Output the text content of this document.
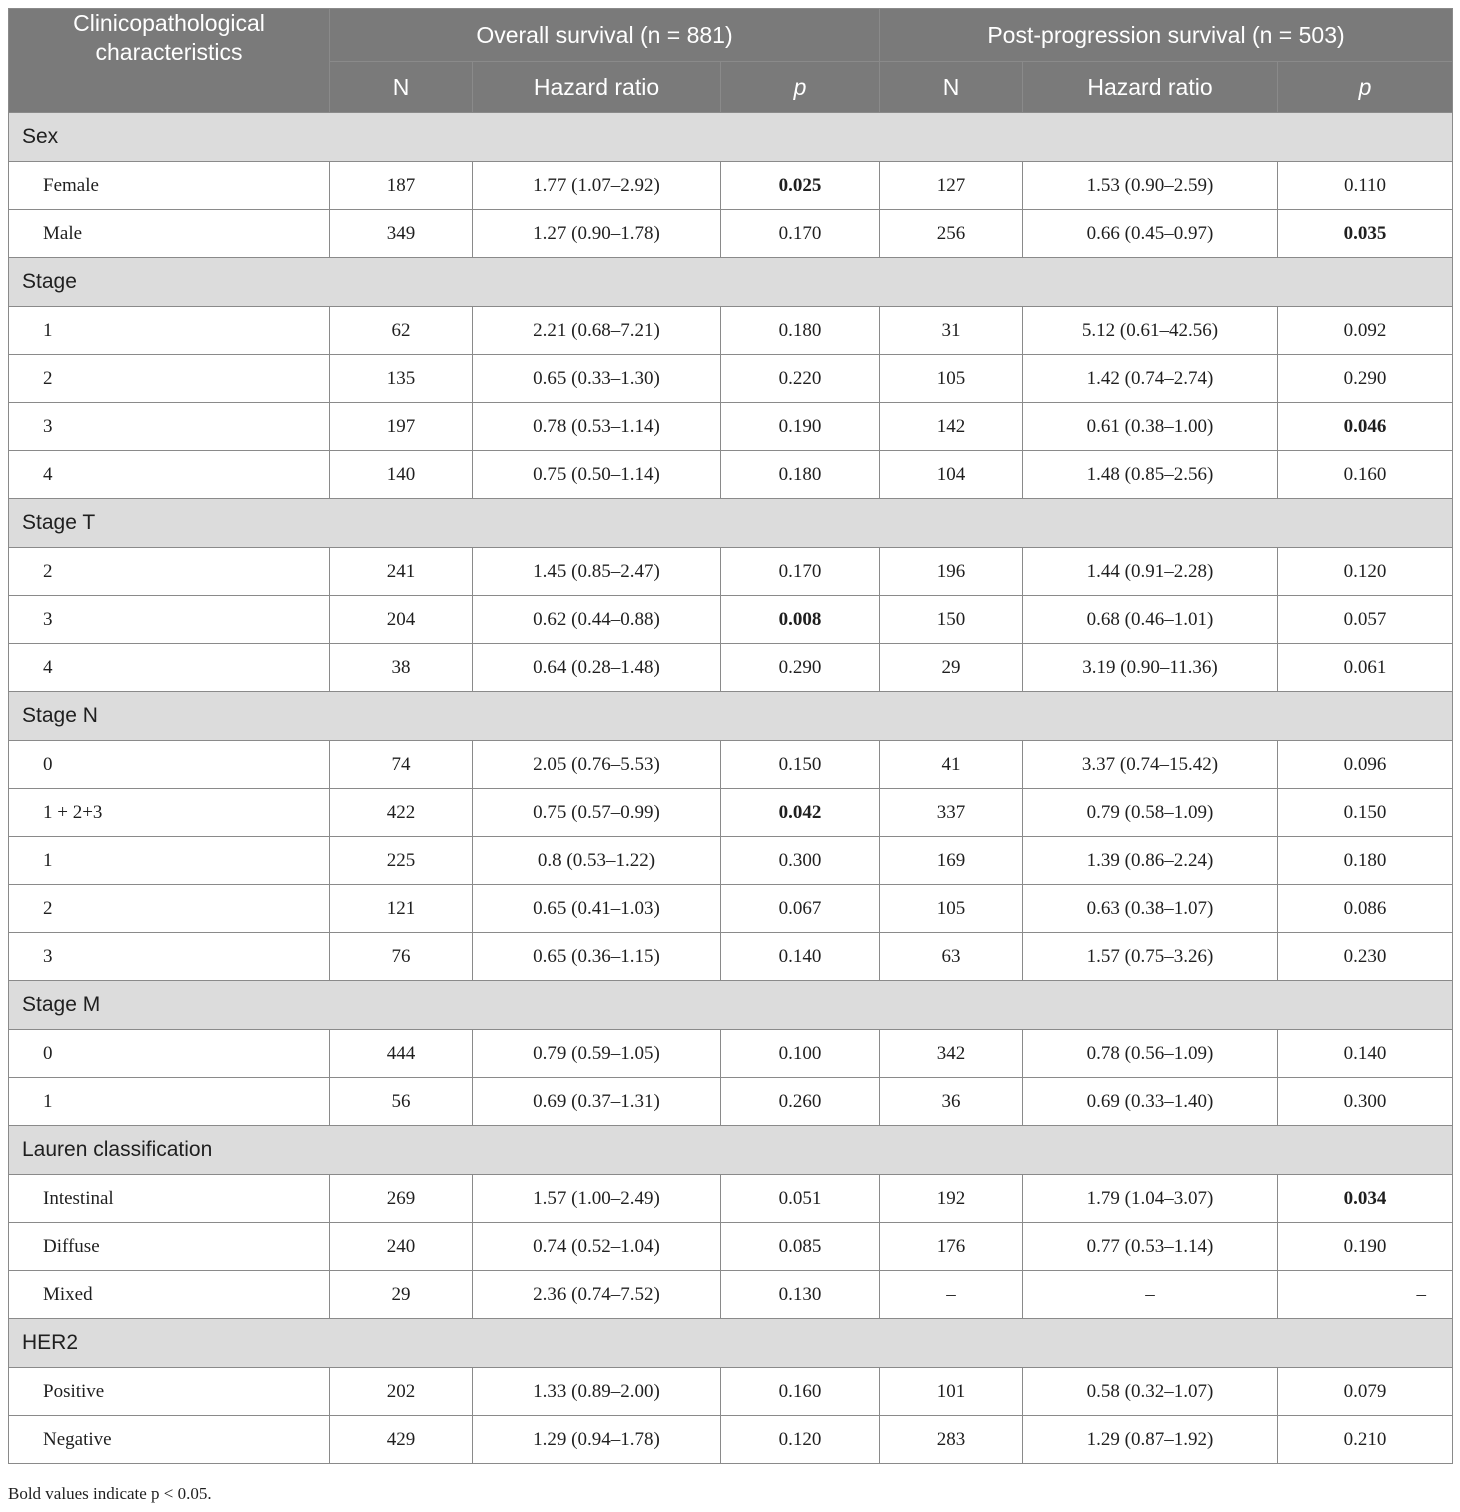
Clinicopathological characteristics	Overall survival (n = 881)			Post-progression survival (n = 503)		
	N	Hazard ratio	p	N	Hazard ratio	p
Sex						
Female	187	1.77 (1.07–2.92)	0.025	127	1.53 (0.90–2.59)	0.110
Male	349	1.27 (0.90–1.78)	0.170	256	0.66 (0.45–0.97)	0.035
Stage						
1	62	2.21 (0.68–7.21)	0.180	31	5.12 (0.61–42.56)	0.092
2	135	0.65 (0.33–1.30)	0.220	105	1.42 (0.74–2.74)	0.290
3	197	0.78 (0.53–1.14)	0.190	142	0.61 (0.38–1.00)	0.046
4	140	0.75 (0.50–1.14)	0.180	104	1.48 (0.85–2.56)	0.160
Stage T						
2	241	1.45 (0.85–2.47)	0.170	196	1.44 (0.91–2.28)	0.120
3	204	0.62 (0.44–0.88)	0.008	150	0.68 (0.46–1.01)	0.057
4	38	0.64 (0.28–1.48)	0.290	29	3.19 (0.90–11.36)	0.061
Stage N						
0	74	2.05 (0.76–5.53)	0.150	41	3.37 (0.74–15.42)	0.096
1 + 2+3	422	0.75 (0.57–0.99)	0.042	337	0.79 (0.58–1.09)	0.150
1	225	0.8 (0.53–1.22)	0.300	169	1.39 (0.86–2.24)	0.180
2	121	0.65 (0.41–1.03)	0.067	105	0.63 (0.38–1.07)	0.086
3	76	0.65 (0.36–1.15)	0.140	63	1.57 (0.75–3.26)	0.230
Stage M						
0	444	0.79 (0.59–1.05)	0.100	342	0.78 (0.56–1.09)	0.140
1	56	0.69 (0.37–1.31)	0.260	36	0.69 (0.33–1.40)	0.300
Lauren classification						
Intestinal	269	1.57 (1.00–2.49)	0.051	192	1.79 (1.04–3.07)	0.034
Diffuse	240	0.74 (0.52–1.04)	0.085	176	0.77 (0.53–1.14)	0.190
Mixed	29	2.36 (0.74–7.52)	0.130	–	–	–
HER2						
Positive	202	1.33 (0.89–2.00)	0.160	101	0.58 (0.32–1.07)	0.079
Negative	429	1.29 (0.94–1.78)	0.120	283	1.29 (0.87–1.92)	0.210
Bold values indicate p < 0.05.
